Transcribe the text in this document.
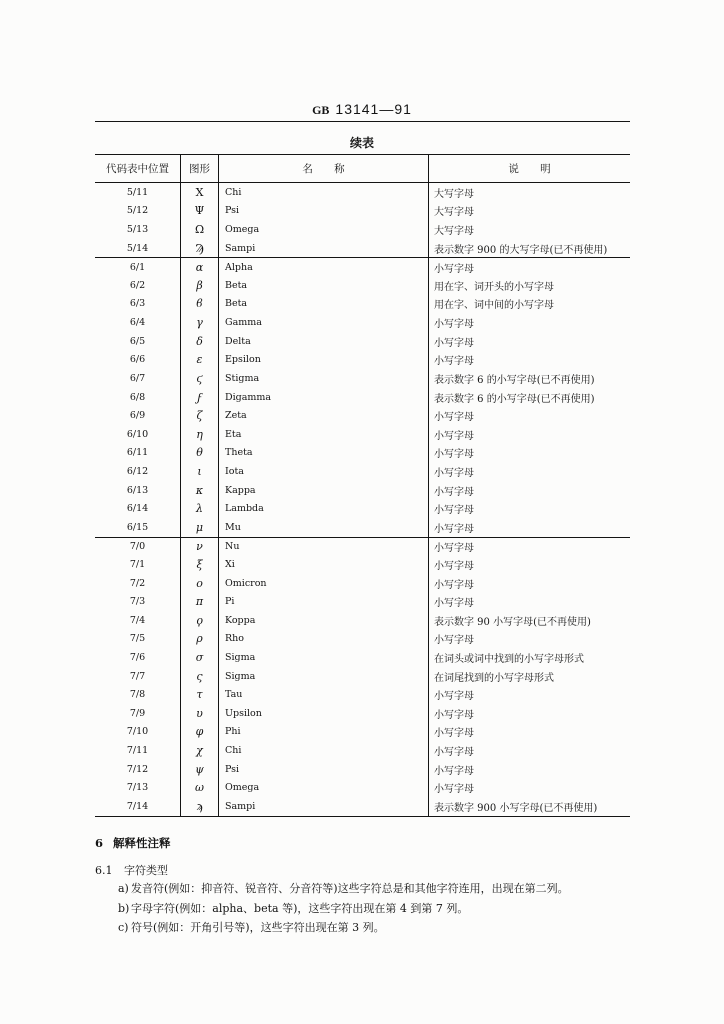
GB 13141—91
续表
代码表中位置	图形	名 称	说 明
5/11	Χ	Chi	大写字母
5/12	Ψ	Psi	大写字母
5/13	Ω	Omega	大写字母
5/14	Ϡ	Sampi	表示数字 900 的大写字母(已不再使用)
6/1	α	Alpha	小写字母
6/2	β	Beta	用在字、词开头的小写字母
6/3	ϐ	Beta	用在字、词中间的小写字母
6/4	γ	Gamma	小写字母
6/5	δ	Delta	小写字母
6/6	ε	Epsilon	小写字母
6/7	ϛ	Stigma	表示数字 6 的小写字母(已不再使用)
6/8	ϝ	Digamma	表示数字 6 的小写字母(已不再使用)
6/9	ζ	Zeta	小写字母
6/10	η	Eta	小写字母
6/11	θ	Theta	小写字母
6/12	ι	Iota	小写字母
6/13	κ	Kappa	小写字母
6/14	λ	Lambda	小写字母
6/15	μ	Mu	小写字母
7/0	ν	Nu	小写字母
7/1	ξ	Xi	小写字母
7/2	ο	Omicron	小写字母
7/3	π	Pi	小写字母
7/4	ϙ	Koppa	表示数字 90 小写字母(已不再使用)
7/5	ρ	Rho	小写字母
7/6	σ	Sigma	在词头或词中找到的小写字母形式
7/7	ς	Sigma	在词尾找到的小写字母形式
7/8	τ	Tau	小写字母
7/9	υ	Upsilon	小写字母
7/10	φ	Phi	小写字母
7/11	χ	Chi	小写字母
7/12	ψ	Psi	小写字母
7/13	ω	Omega	小写字母
7/14	ϡ	Sampi	表示数字 900 小写字母(已不再使用)
6 解释性注释
6.1 字符类型
a) 发音符(例如：抑音符、锐音符、分音符等)这些字符总是和其他字符连用，出现在第二列。
b) 字母字符(例如：alpha、beta 等)，这些字符出现在第 4 到第 7 列。
c) 符号(例如：开角引号等)，这些字符出现在第 3 列。
